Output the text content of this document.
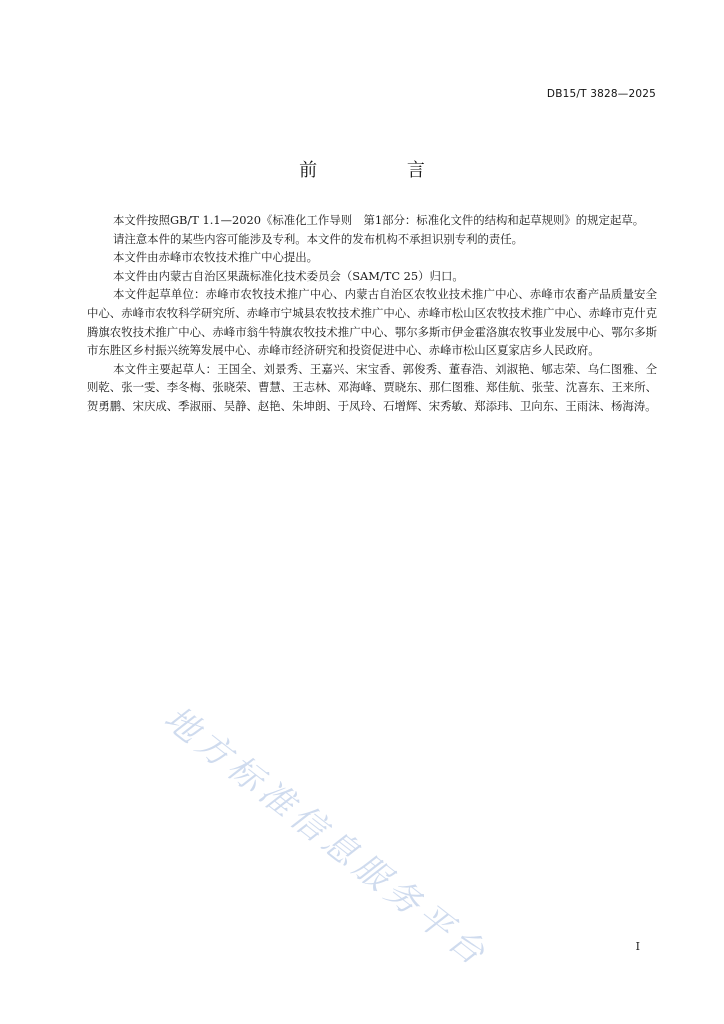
DB15/T 3828—2025
前 言

本文件按照GB/T 1.1—2020《标准化工作导则　第1部分：标准化文件的结构和起草规则》的规定起草。

请注意本件的某些内容可能涉及专利。本文件的发布机构不承担识别专利的责任。

本文件由赤峰市农牧技术推广中心提出。

本文件由内蒙古自治区果蔬标准化技术委员会（SAM/TC 25）归口。

本文件起草单位：赤峰市农牧技术推广中心、内蒙古自治区农牧业技术推广中心、赤峰市农畜产品质量安全中心、赤峰市农牧科学研究所、赤峰市宁城县农牧技术推广中心、赤峰市松山区农牧技术推广中心、赤峰市克什克腾旗农牧技术推广中心、赤峰市翁牛特旗农牧技术推广中心、鄂尔多斯市伊金霍洛旗农牧事业发展中心、鄂尔多斯市东胜区乡村振兴统筹发展中心、赤峰市经济研究和投资促进中心、赤峰市松山区夏家店乡人民政府。

本文件主要起草人：王国全、刘景秀、王嘉兴、宋宝香、郭俊秀、董春浩、刘淑艳、郇志荣、乌仁图雅、仝则乾、张一雯、李冬梅、张晓荣、曹慧、王志林、邓海峰、贾晓东、那仁图雅、郑佳航、张莹、沈喜东、王来所、贺勇鹏、宋庆成、季淑丽、吴静、赵艳、朱坤朗、于凤玲、石增辉、宋秀敏、郑添玮、卫向东、王雨沫、杨海涛。

地方标准信息服务平台	I
